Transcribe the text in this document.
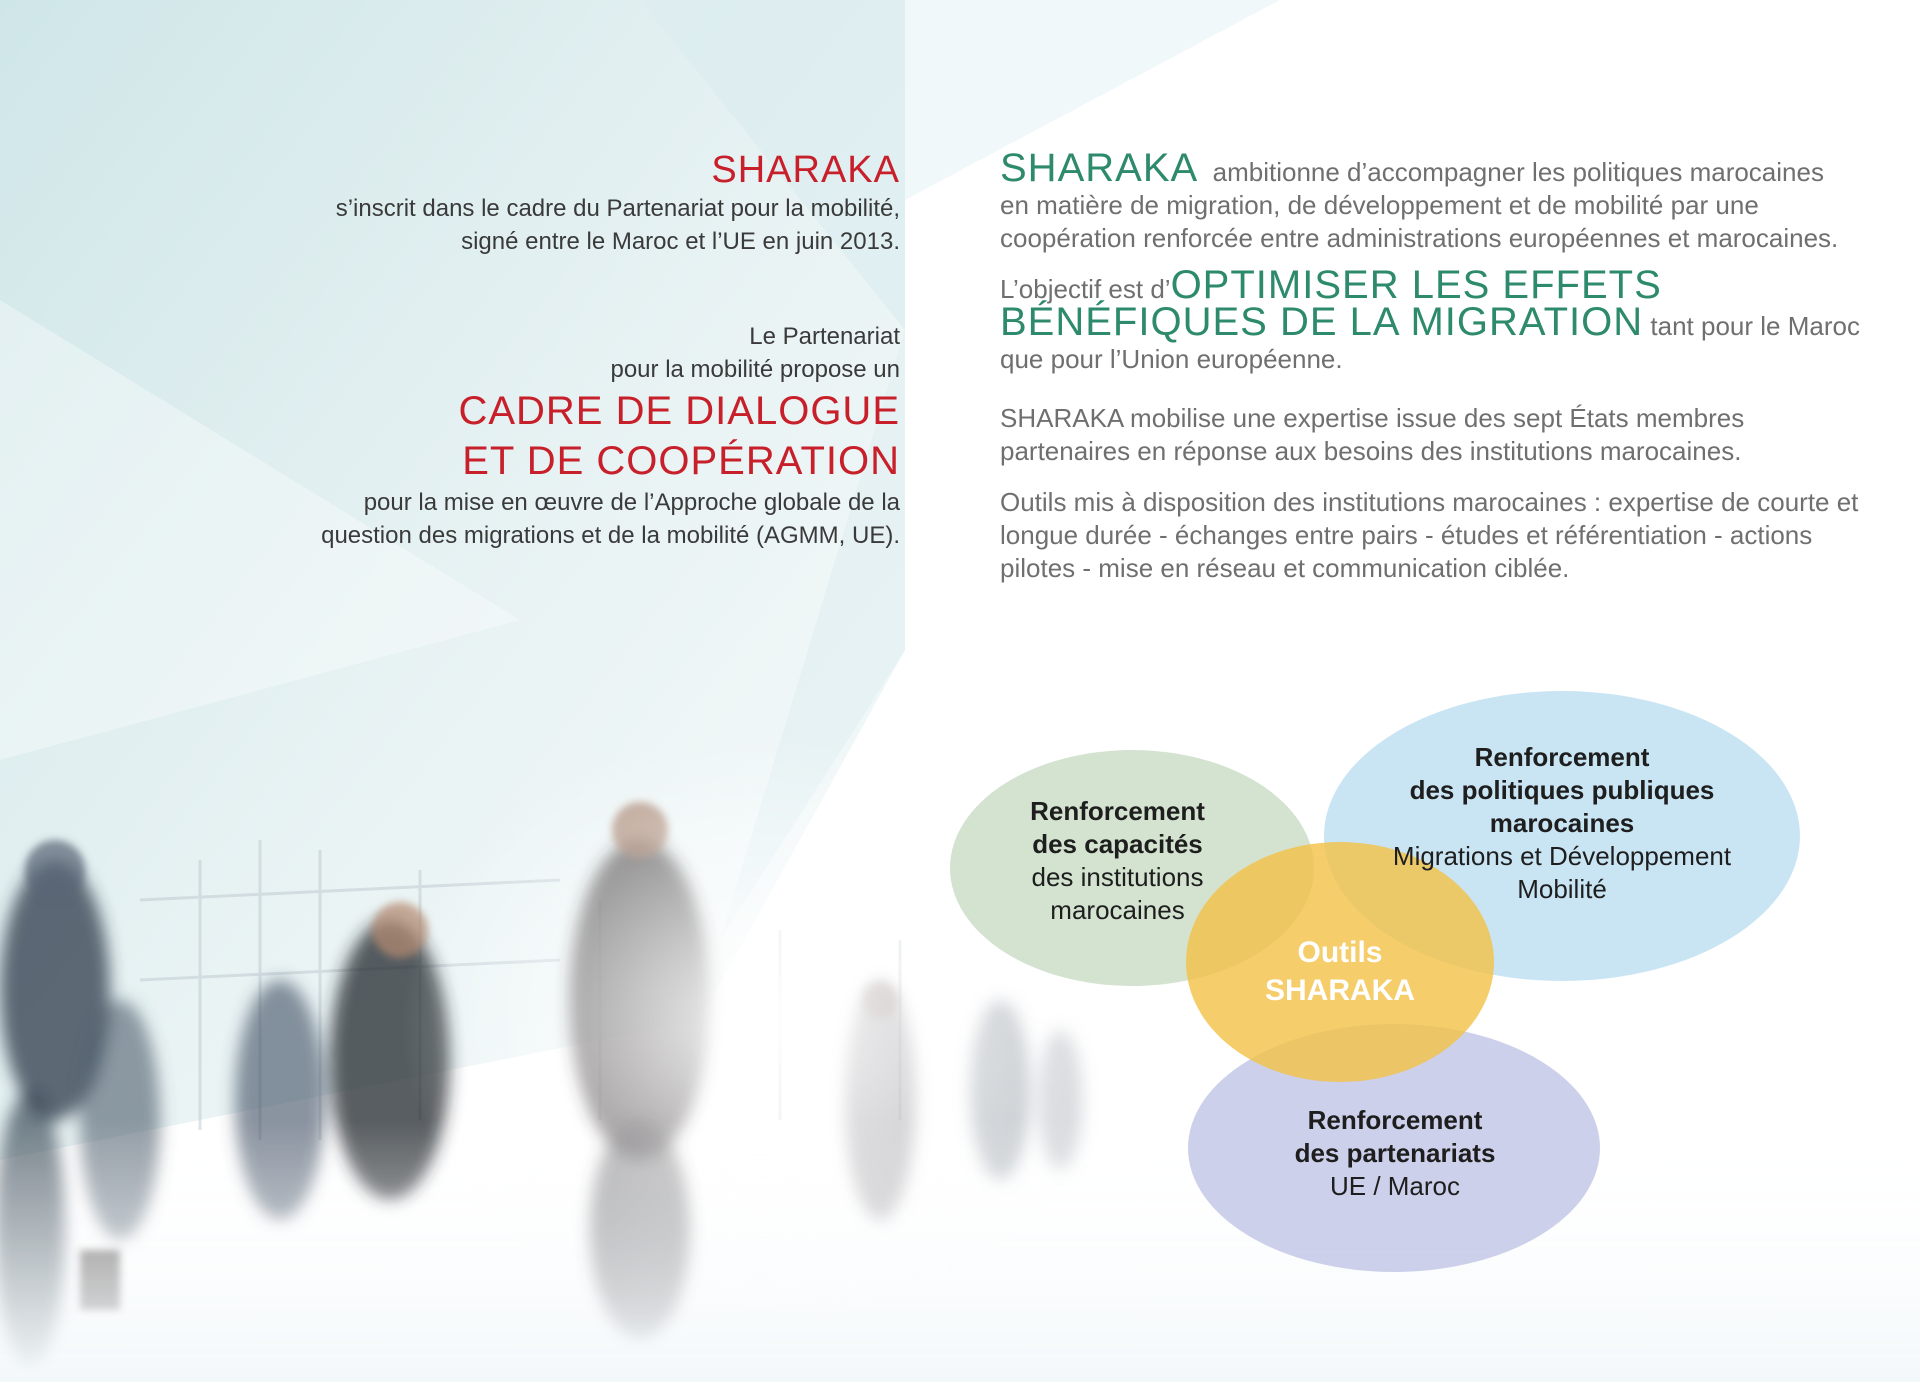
SHARAKA
s’inscrit dans le cadre du Partenariat pour la mobilité,
signé entre le Maroc et l’UE en juin 2013.
Le Partenariat
pour la mobilité propose un
CADRE DE DIALOGUE
ET DE COOPÉRATION
pour la mise en œuvre de l’Approche globale de la
question des migrations et de la mobilité (AGMM, UE).

SHARAKA ambitionne d’accompagner les politiques marocaines en matière de migration, de développement et de mobilité par une coopération renforcée entre administrations européennes et marocaines.

L’objectif est d’OPTIMISER LES EFFETS BÉNÉFIQUES DE LA MIGRATION tant pour le Maroc que pour l’Union européenne.

SHARAKA mobilise une expertise issue des sept États membres partenaires en réponse aux besoins des institutions marocaines.

Outils mis à disposition des institutions marocaines : expertise de courte et longue durée - échanges entre pairs - études et référentiation - actions pilotes - mise en réseau et communication ciblée.

Renforcement
des capacités
des institutions
marocaines
Renforcement
des politiques publiques
marocaines
Migrations et Développement
Mobilité
Outils
SHARAKA
Renforcement
des partenariats
UE / Maroc
